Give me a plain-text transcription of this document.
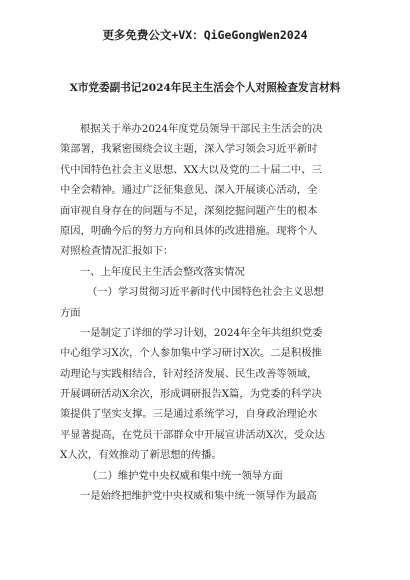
更多免费公文+VX：QiGeGongWen2024
X市党委副书记2024年民主生活会个人对照检查发言材料
根据关于举办2024年度党员领导干部民主生活会的决
策部署，我紧密围绕会议主题，深入学习领会习近平新时
代中国特色社会主义思想、XX大以及党的二十届二中、三
中全会精神。通过广泛征集意见、深入开展谈心活动，全
面审视自身存在的问题与不足，深刻挖掘问题产生的根本
原因，明确今后的努力方向和具体的改进措施。现将个人
对照检查情况汇报如下：
一、上年度民主生活会整改落实情况
（一）学习贯彻习近平新时代中国特色社会主义思想
方面
一是制定了详细的学习计划，2024年全年共组织党委
中心组学习X次，个人参加集中学习研讨X次。二是积极推
动理论与实践相结合，针对经济发展、民生改善等领域，
开展调研活动X余次，形成调研报告X篇，为党委的科学决
策提供了坚实支撑。三是通过系统学习，自身政治理论水
平显著提高，在党员干部群众中开展宣讲活动X次，受众达
X人次，有效推动了新思想的传播。
（二）维护党中央权威和集中统一领导方面
一是始终把维护党中央权威和集中统一领导作为最高
